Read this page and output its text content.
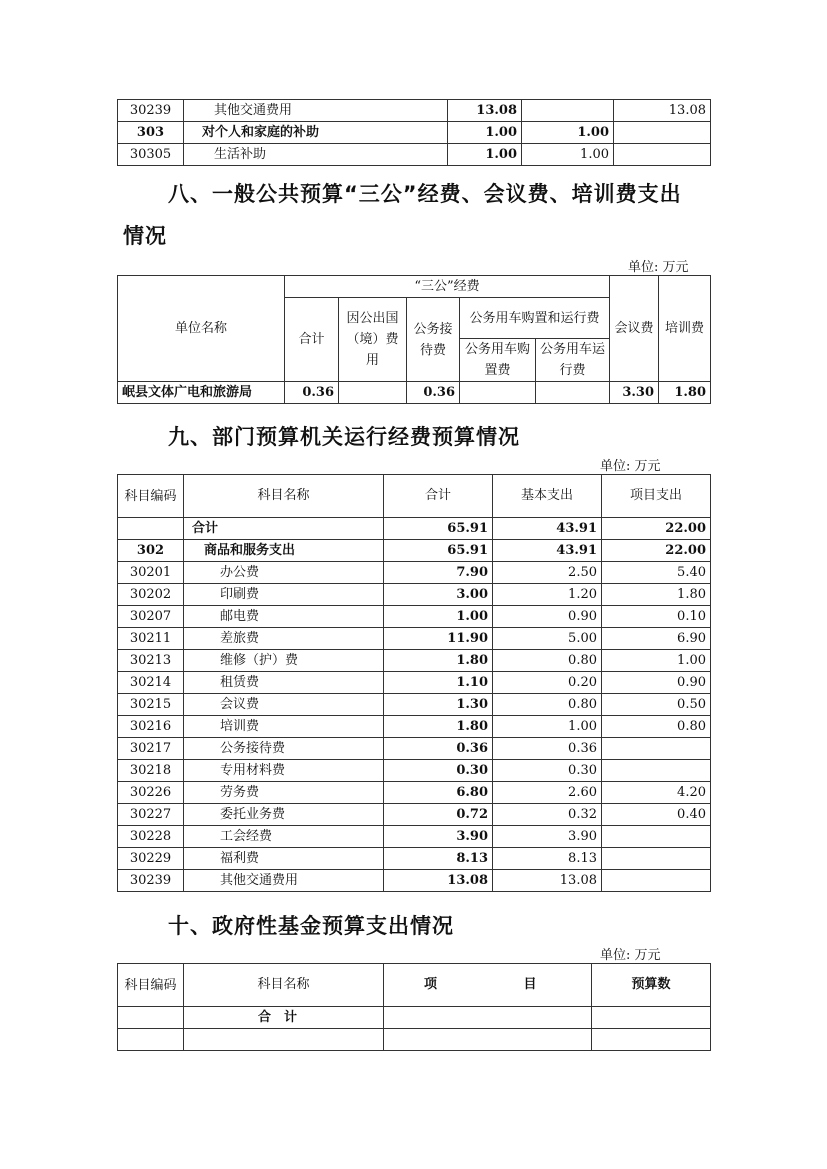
30239	其他交通费用	13.08		13.08
303	对个人和家庭的补助	1.00	1.00	
30305	生活补助	1.00	1.00	
八、一般公共预算“三公”经费、会议费、培训费支出
情况
单位: 万元
单位名称	“三公”经费					会议费	培训费
	合计	因公出国（境）费用	公务接待费	公务用车购置和运行费			
				公务用车购置费	公务用车运行费		
岷县文体广电和旅游局	0.36		0.36			3.30	1.80
九、部门预算机关运行经费预算情况
单位: 万元
科目编码	科目名称	合计	基本支出	项目支出
	合计	65.91	43.91	22.00
302	商品和服务支出	65.91	43.91	22.00
30201	办公费	7.90	2.50	5.40
30202	印刷费	3.00	1.20	1.80
30207	邮电费	1.00	0.90	0.10
30211	差旅费	11.90	5.00	6.90
30213	维修（护）费	1.80	0.80	1.00
30214	租赁费	1.10	0.20	0.90
30215	会议费	1.30	0.80	0.50
30216	培训费	1.80	1.00	0.80
30217	公务接待费	0.36	0.36	
30218	专用材料费	0.30	0.30	
30226	劳务费	6.80	2.60	4.20
30227	委托业务费	0.72	0.32	0.40
30228	工会经费	3.90	3.90	
30229	福利费	8.13	8.13	
30239	其他交通费用	13.08	13.08	
十、政府性基金预算支出情况
单位: 万元
科目编码	科目名称	项 目	预算数
	合　计		
